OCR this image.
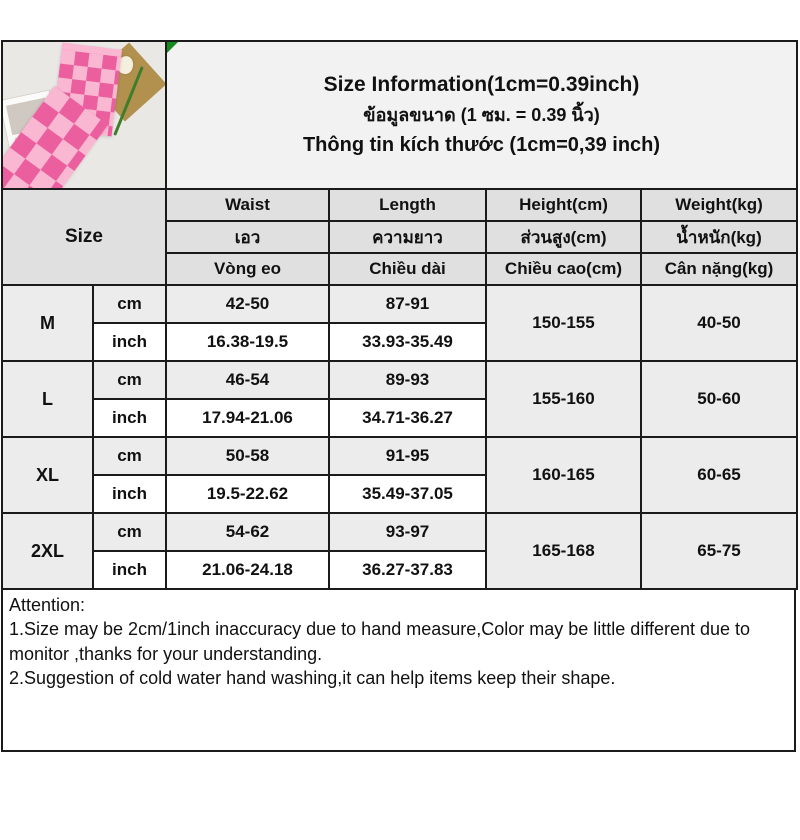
		Size Information(1cm=0.39inch)
ข้อมูลขนาด (1 ซม. = 0.39 นิ้ว)
Thông tin kích thước (1cm=0,39 inch)			

Size		Waist	Length	Height(cm)	Weight(kg)
		เอว	ความยาว	ส่วนสูง(cm)	น้ำหนัก(kg)
		Vòng eo	Chiều dài	Chiều cao(cm)	Cân nặng(kg)
M	cm	42-50	87-91	150-155	40-50
	inch	16.38-19.5	33.93-35.49		
L	cm	46-54	89-93	155-160	50-60
	inch	17.94-21.06	34.71-36.27		
XL	cm	50-58	91-95	160-165	60-65
	inch	19.5-22.62	35.49-37.05		
2XL	cm	54-62	93-97	165-168	65-75
	inch	21.06-24.18	36.27-37.83		
Attention:
1.Size may be 2cm/1inch inaccuracy due to hand measure,Color may be little different due to monitor ,thanks for your understanding.
2.Suggestion of cold water hand washing,it can help items keep their shape.
